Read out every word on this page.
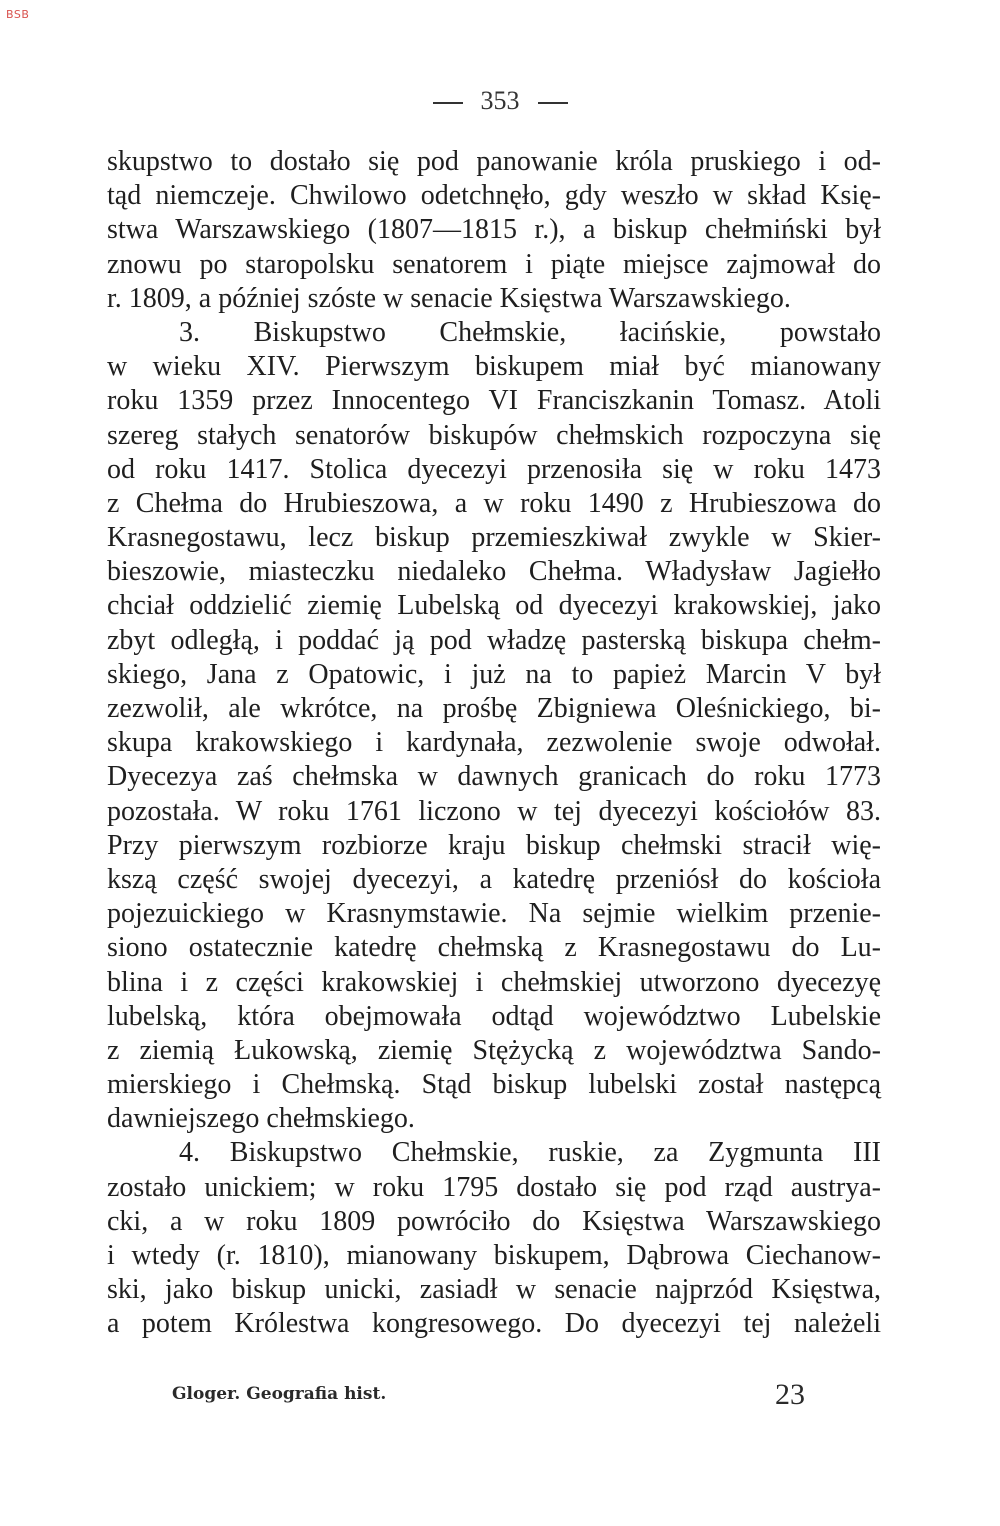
BSB
353
skupstwo to dostało się pod panowanie króla pruskiego i od-
tąd niemczeje. Chwilowo odetchnęło, gdy weszło w skład Księ-
stwa Warszawskiego (1807—1815 r.), a biskup chełmiński był
znowu po staropolsku senatorem i piąte miejsce zajmował do
r. 1809, a później szóste w senacie Księstwa Warszawskiego.
3. Biskupstwo Chełmskie, łacińskie, powstało
w wieku XIV. Pierwszym biskupem miał być mianowany
roku 1359 przez Innocentego VI Franciszkanin Tomasz. Atoli
szereg stałych senatorów biskupów chełmskich rozpoczyna się
od roku 1417. Stolica dyecezyi przenosiła się w roku 1473
z Chełma do Hrubieszowa, a w roku 1490 z Hrubieszowa do
Krasnegostawu, lecz biskup przemieszkiwał zwykle w Skier-
bieszowie, miasteczku niedaleko Chełma. Władysław Jagiełło
chciał oddzielić ziemię Lubelską od dyecezyi krakowskiej, jako
zbyt odległą, i poddać ją pod władzę pasterską biskupa chełm-
skiego, Jana z Opatowic, i już na to papież Marcin V był
zezwolił, ale wkrótce, na prośbę Zbigniewa Oleśnickiego, bi-
skupa krakowskiego i kardynała, zezwolenie swoje odwołał.
Dyecezya zaś chełmska w dawnych granicach do roku 1773
pozostała. W roku 1761 liczono w tej dyecezyi kościołów 83.
Przy pierwszym rozbiorze kraju biskup chełmski stracił wię-
kszą część swojej dyecezyi, a katedrę przeniósł do kościoła
pojezuickiego w Krasnymstawie. Na sejmie wielkim przenie-
siono ostatecznie katedrę chełmską z Krasnegostawu do Lu-
blina i z części krakowskiej i chełmskiej utworzono dyecezyę
lubelską, która obejmowała odtąd województwo Lubelskie
z ziemią Łukowską, ziemię Stężycką z województwa Sando-
mierskiego i Chełmską. Stąd biskup lubelski został następcą
dawniejszego chełmskiego.
4. Biskupstwo Chełmskie, ruskie, za Zygmunta III
zostało unickiem; w roku 1795 dostało się pod rząd austrya-
cki, a w roku 1809 powróciło do Księstwa Warszawskiego
i wtedy (r. 1810), mianowany biskupem, Dąbrowa Ciechanow-
ski, jako biskup unicki, zasiadł w senacie najprzód Księstwa,
a potem Królestwa kongresowego. Do dyecezyi tej należeli
Gloger. Geografia hist.	23
